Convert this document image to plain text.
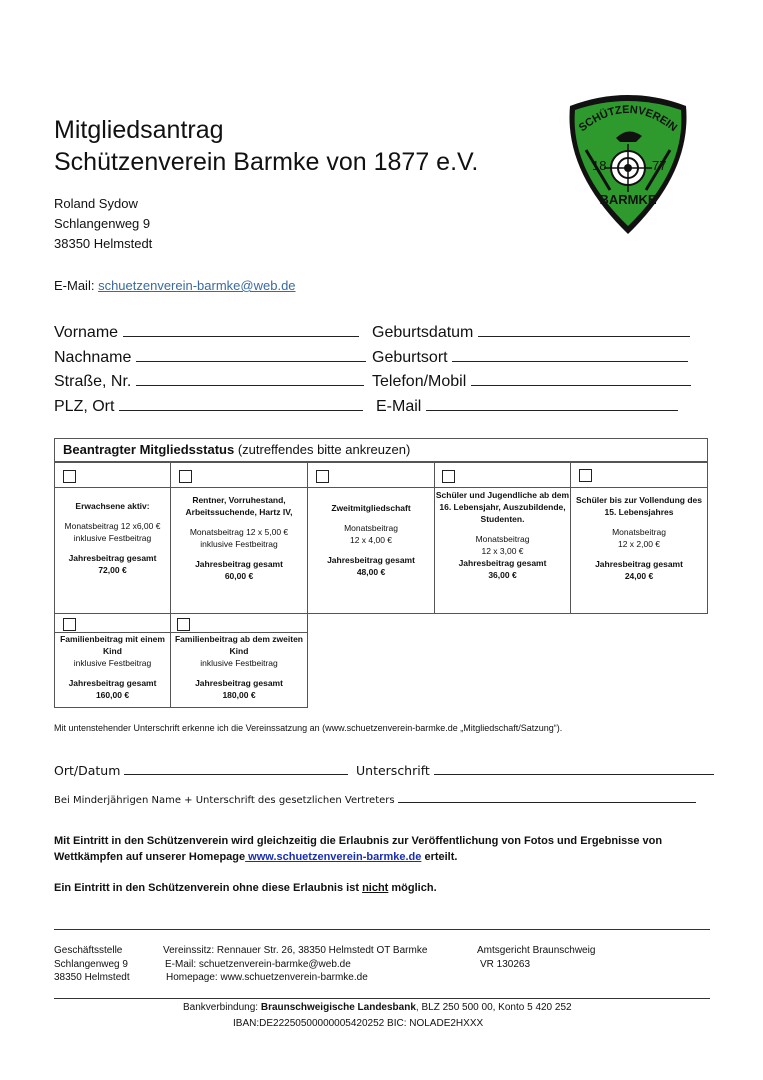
Mitgliedsantrag
Schützenverein Barmke von 1877 e.V.
Roland Sydow
Schlangenweg 9
38350 Helmstedt
E-Mail: schuetzenverein-barmke@web.de
SCHÜTZENVEREIN
18	77
BARMKE
Vorname	Geburtsdatum
Nachname	Geburtsort
Straße, Nr.	Telefon/Mobil
PLZ, Ort	E-Mail
Beantragter Mitgliedsstatus (zutreffendes bitte ankreuzen)
Erwachsene aktiv:
Monatsbeitrag 12 x6,00 €
inklusive Festbeitrag
Jahresbeitrag gesamt
72,00 €
Rentner, Vorruhestand, Arbeitssuchende, Hartz IV,
Monatsbeitrag 12 x 5,00 €
inklusive Festbeitrag
Jahresbeitrag gesamt
60,00 €
Zweitmitgliedschaft
Monatsbeitrag
12 x 4,00 €
Jahresbeitrag gesamt
48,00 €
Schüler und Jugendliche ab dem 16. Lebensjahr, Auszubildende, Studenten.
Monatsbeitrag
12 x 3,00 €
Jahresbeitrag gesamt
36,00 €
Schüler bis zur Vollendung des 15. Lebensjahres
Monatsbeitrag
12 x 2,00 €
Jahresbeitrag gesamt
24,00 €
Familienbeitrag mit einem Kind
inklusive Festbeitrag
Jahresbeitrag gesamt
160,00 €
Familienbeitrag ab dem zweiten Kind
inklusive Festbeitrag
Jahresbeitrag gesamt
180,00 €
Mit untenstehender Unterschrift erkenne ich die Vereinssatzung an (www.schuetzenverein-barmke.de „Mitgliedschaft/Satzung“).
Ort/Datum	Unterschrift
Bei Minderjährigen Name + Unterschrift des gesetzlichen Vertreters
Mit Eintritt in den Schützenverein wird gleichzeitig die Erlaubnis zur Veröffentlichung von Fotos und Ergebnisse von
Wettkämpfen auf unserer Homepage www.schuetzenverein-barmke.de erteilt.
Ein Eintritt in den Schützenverein ohne diese Erlaubnis ist nicht möglich.
Geschäftsstelle
Schlangenweg 9
38350 Helmstedt
Vereinssitz: Rennauer Str. 26, 38350 Helmstedt OT Barmke
E-Mail: schuetzenverein-barmke@web.de
Homepage: www.schuetzenverein-barmke.de
Amtsgericht Braunschweig
VR 130263
Bankverbindung: Braunschweigische Landesbank, BLZ 250 500 00, Konto 5 420 252
IBAN:DE22250500000005420252 BIC: NOLADE2HXXX
